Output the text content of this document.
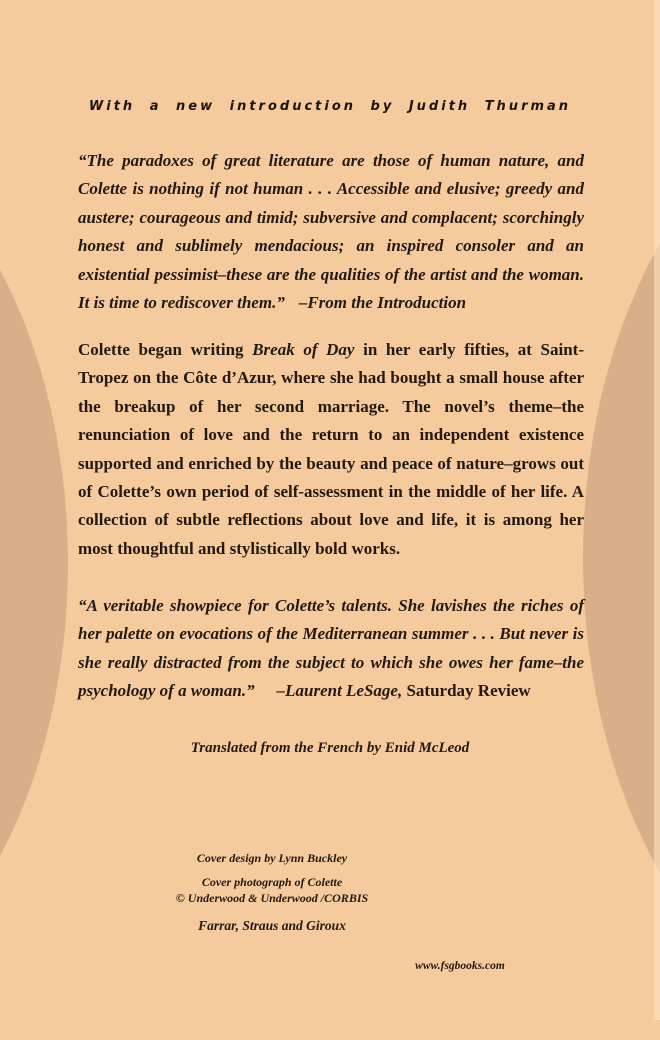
With a new introduction by Judith Thurman

“The paradoxes of great literature are those of human nature, and Colette is nothing if not human . . . Accessible and elusive; greedy and austere; courageous and timid; subversive and complacent; scorchingly honest and sublimely mendacious; an inspired consoler and an existential pessimist–these are the qualities of the artist and the woman. It is time to rediscover them.” –From the Introduction

Colette began writing Break of Day in her early fifties, at Saint-Tropez on the Côte d’Azur, where she had bought a small house after the breakup of her second marriage. The novel’s theme–the renunciation of love and the return to an independent existence supported and enriched by the beauty and peace of nature–grows out of Colette’s own period of self-assessment in the middle of her life. A collection of subtle reflections about love and life, it is among her most thoughtful and stylistically bold works.

“A veritable showpiece for Colette’s talents. She lavishes the riches of her palette on evocations of the Mediterranean summer . . . But never is she really distracted from the subject to which she owes her fame–the psychology of a woman.” –Laurent LeSage, Saturday Review

Translated from the French by Enid McLeod

Cover design by Lynn Buckley

Cover photograph of Colette

© Underwood & Underwood /CORBIS

Farrar, Straus and Giroux

www.fsgbooks.com
